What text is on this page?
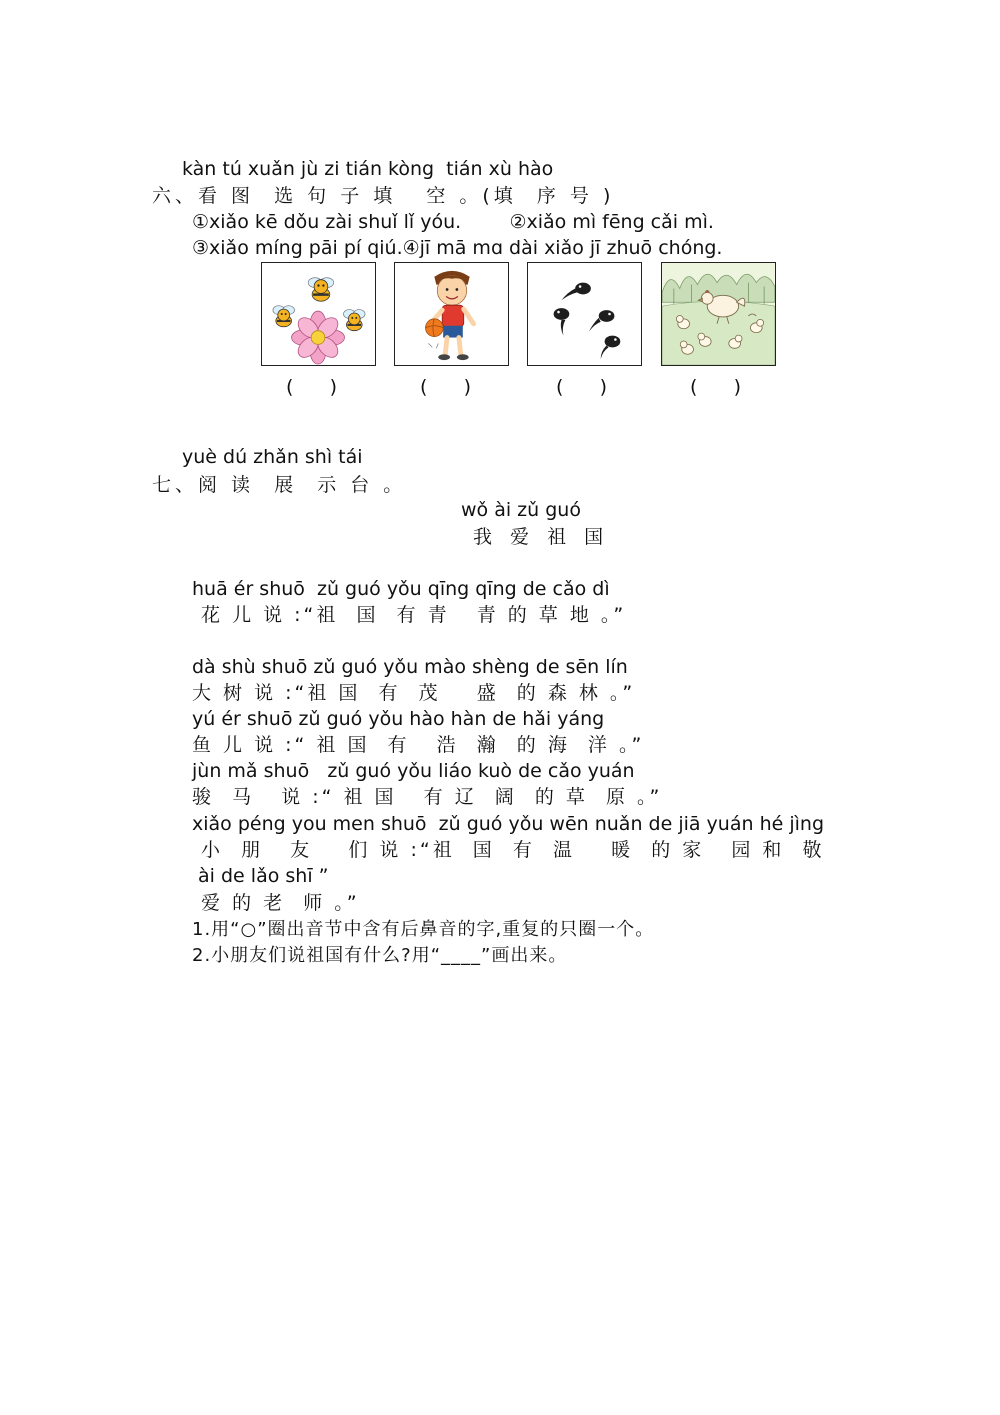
kàn tú xuǎn jù zi tián kòng  tián xù hào
六、看 图  选 句 子 填   空 。(填  序 号 )
①xiǎo kē dǒu zài shuǐ lǐ yóu.        ②xiǎo mì fēng cǎi mì.
③xiǎo míng pāi pí qiú.④jī mā mɑ dài xiǎo jī zhuō chóng.
(      )	(      )	(      )	(      )
yuè dú zhǎn shì tái
七、阅 读  展  示 台 。
wǒ ài zǔ guó
我 爱 祖 国
huā ér shuō  zǔ guó yǒu qīng qīng de cǎo dì
花 儿 说 :“祖  国  有 青   青 的 草 地 。”
dà shù shuō zǔ guó yǒu mào shèng de sēn lín
大 树 说 :“祖 国  有  茂    盛  的 森 林 。”
yú ér shuō zǔ guó yǒu hào hàn de hǎi yáng
鱼 儿 说 :“ 祖 国  有   浩  瀚  的 海  洋 。”
jùn mǎ shuō   zǔ guó yǒu liáo kuò de cǎo yuán
骏  马   说 :“ 祖 国   有 辽  阔  的 草  原 。”
xiǎo péng you men shuō  zǔ guó yǒu wēn nuǎn de jiā yuán hé jìng
小  朋   友    们 说 :“祖  国  有  温    暖  的 家   园 和  敬
ài de lǎo shī ”
爱 的 老  师 。”
1.用“○”圈出音节中含有后鼻音的字,重复的只圈一个。
2.小朋友们说祖国有什么?用“____”画出来。
